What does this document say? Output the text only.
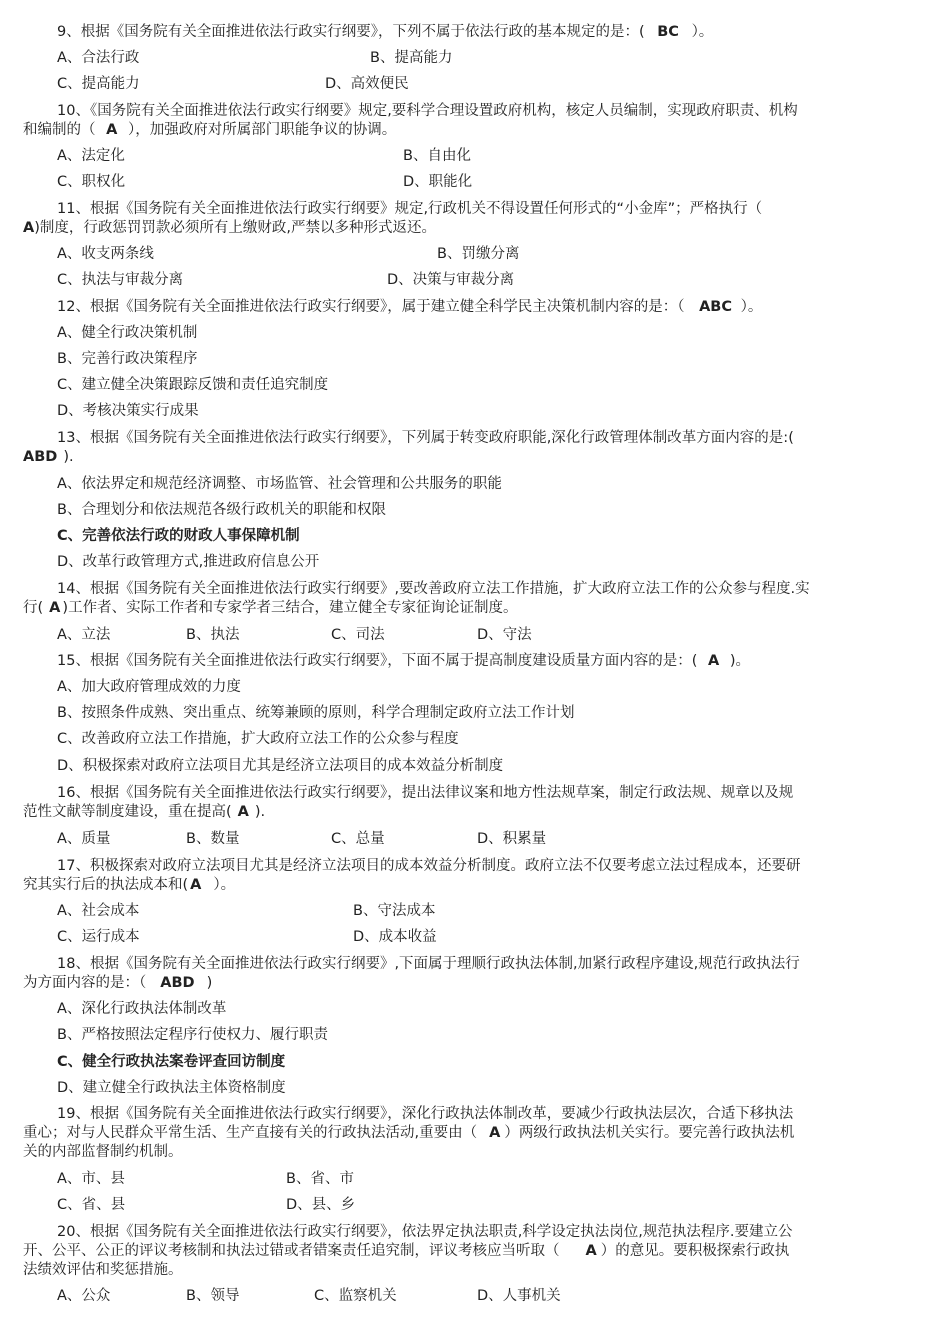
9、根据《国务院有关全面推进依法行政实行纲要》，下列不属于依法行政的基本规定的是：( BC ）。
A、合法行政	B、提高能力
C、提高能力	D、高效便民
10、《国务院有关全面推进依法行政实行纲要》规定,要科学合理设置政府机构，核定人员编制，实现政府职责、机构
和编制的（ A ），加强政府对所属部门职能争议的协调。
A、法定化	B、自由化
C、职权化	D、职能化
11、根据《国务院有关全面推进依法行政实行纲要》规定,行政机关不得设置任何形式的“小金库”；严格执行（
A)制度，行政惩罚罚款必须所有上缴财政,严禁以多种形式返还。
A、收支两条线	B、罚缴分离
C、执法与审裁分离	D、决策与审裁分离
12、根据《国务院有关全面推进依法行政实行纲要》，属于建立健全科学民主决策机制内容的是：（ ABC ）。
A、健全行政决策机制
B、完善行政决策程序
C、建立健全决策跟踪反馈和责任追究制度
D、考核决策实行成果
13、根据《国务院有关全面推进依法行政实行纲要》，下列属于转变政府职能,深化行政管理体制改革方面内容的是:(
ABD ).
A、依法界定和规范经济调整、市场监管、社会管理和公共服务的职能
B、合理划分和依法规范各级行政机关的职能和权限
C、完善依法行政的财政人事保障机制
D、改革行政管理方式,推进政府信息公开
14、根据《国务院有关全面推进依法行政实行纲要》,要改善政府立法工作措施，扩大政府立法工作的公众参与程度.实
行( A )工作者、实际工作者和专家学者三结合，建立健全专家征询论证制度。
A、立法	B、执法	C、司法	D、守法
15、根据《国务院有关全面推进依法行政实行纲要》，下面不属于提高制度建设质量方面内容的是：( A )。
A、加大政府管理成效的力度
B、按照条件成熟、突出重点、统筹兼顾的原则，科学合理制定政府立法工作计划
C、改善政府立法工作措施，扩大政府立法工作的公众参与程度
D、积极探索对政府立法项目尤其是经济立法项目的成本效益分析制度
16、根据《国务院有关全面推进依法行政实行纲要》，提出法律议案和地方性法规草案，制定行政法规、规章以及规
范性文献等制度建设，重在提高( A ).
A、质量	B、数量	C、总量	D、积累量
17、积极探索对政府立法项目尤其是经济立法项目的成本效益分析制度。政府立法不仅要考虑立法过程成本，还要研
究其实行后的执法成本和( A ）。
A、社会成本	B、守法成本
C、运行成本	D、成本收益
18、根据《国务院有关全面推进依法行政实行纲要》,下面属于理顺行政执法体制,加紧行政程序建设,规范行政执法行
为方面内容的是：（ ABD )
A、深化行政执法体制改革
B、严格按照法定程序行使权力、履行职责
C、健全行政执法案卷评查回访制度
D、建立健全行政执法主体资格制度
19、根据《国务院有关全面推进依法行政实行纲要》，深化行政执法体制改革，要减少行政执法层次，合适下移执法
重心；对与人民群众平常生活、生产直接有关的行政执法活动,重要由（ A ）两级行政执法机关实行。要完善行政执法机
关的内部监督制约机制。
A、市、县	B、省、市
C、省、县	D、县、乡
20、根据《国务院有关全面推进依法行政实行纲要》，依法界定执法职责,科学设定执法岗位,规范执法程序.要建立公
开、公平、公正的评议考核制和执法过错或者错案责任追究制，评议考核应当听取（ A ）的意见。要积极探索行政执
法绩效评估和奖惩措施。
A、公众	B、领导	C、监察机关	D、人事机关
